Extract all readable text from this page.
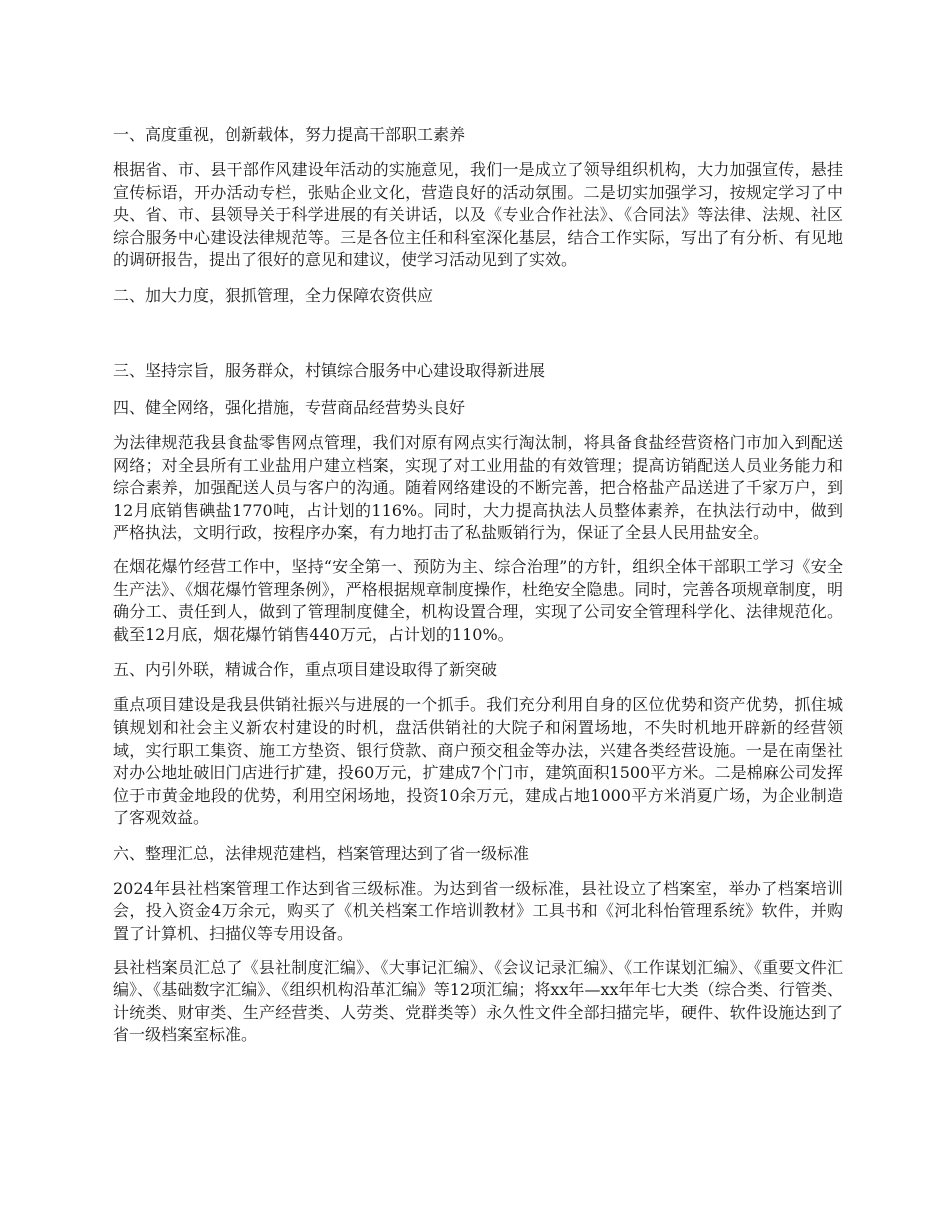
一、高度重视，创新载体，努力提高干部职工素养
根据省、市、县干部作风建设年活动的实施意见，我们一是成立了领导组织机构，大力加强宣传，悬挂宣传标语，开办活动专栏，张贴企业文化，营造良好的活动氛围。二是切实加强学习，按规定学习了中央、省、市、县领导关于科学进展的有关讲话，以及《专业合作社法》、《合同法》等法律、法规、社区综合服务中心建设法律规范等。三是各位主任和科室深化基层，结合工作实际，写出了有分析、有见地的调研报告，提出了很好的意见和建议，使学习活动见到了实效。
二、加大力度，狠抓管理，全力保障农资供应
三、坚持宗旨，服务群众，村镇综合服务中心建设取得新进展
四、健全网络，强化措施，专营商品经营势头良好
为法律规范我县食盐零售网点管理，我们对原有网点实行淘汰制，将具备食盐经营资格门市加入到配送网络；对全县所有工业盐用户建立档案，实现了对工业用盐的有效管理；提高访销配送人员业务能力和综合素养，加强配送人员与客户的沟通。随着网络建设的不断完善，把合格盐产品送进了千家万户，到12月底销售碘盐1770吨，占计划的116%。同时，大力提高执法人员整体素养，在执法行动中，做到严格执法，文明行政，按程序办案，有力地打击了私盐贩销行为，保证了全县人民用盐安全。
在烟花爆竹经营工作中，坚持“安全第一、预防为主、综合治理”的方针，组织全体干部职工学习《安全生产法》、《烟花爆竹管理条例》，严格根据规章制度操作，杜绝安全隐患。同时，完善各项规章制度，明确分工、责任到人，做到了管理制度健全，机构设置合理，实现了公司安全管理科学化、法律规范化。截至12月底，烟花爆竹销售440万元，占计划的110%。
五、内引外联，精诚合作，重点项目建设取得了新突破
重点项目建设是我县供销社振兴与进展的一个抓手。我们充分利用自身的区位优势和资产优势，抓住城镇规划和社会主义新农村建设的时机，盘活供销社的大院子和闲置场地，不失时机地开辟新的经营领域，实行职工集资、施工方垫资、银行贷款、商户预交租金等办法，兴建各类经营设施。一是在南堡社对办公地址破旧门店进行扩建，投60万元，扩建成7个门市，建筑面积1500平方米。二是棉麻公司发挥位于市黄金地段的优势，利用空闲场地，投资10余万元，建成占地1000平方米消夏广场，为企业制造了客观效益。
六、整理汇总，法律规范建档，档案管理达到了省一级标准
2024年县社档案管理工作达到省三级标准。为达到省一级标准，县社设立了档案室，举办了档案培训会，投入资金4万余元，购买了《机关档案工作培训教材》工具书和《河北科怡管理系统》软件，并购置了计算机、扫描仪等专用设备。
县社档案员汇总了《县社制度汇编》、《大事记汇编》、《会议记录汇编》、《工作谋划汇编》、《重要文件汇编》、《基础数字汇编》、《组织机构沿革汇编》等12项汇编；将xx年—xx年年七大类（综合类、行管类、计统类、财审类、生产经营类、人劳类、党群类等）永久性文件全部扫描完毕，硬件、软件设施达到了省一级档案室标准。
